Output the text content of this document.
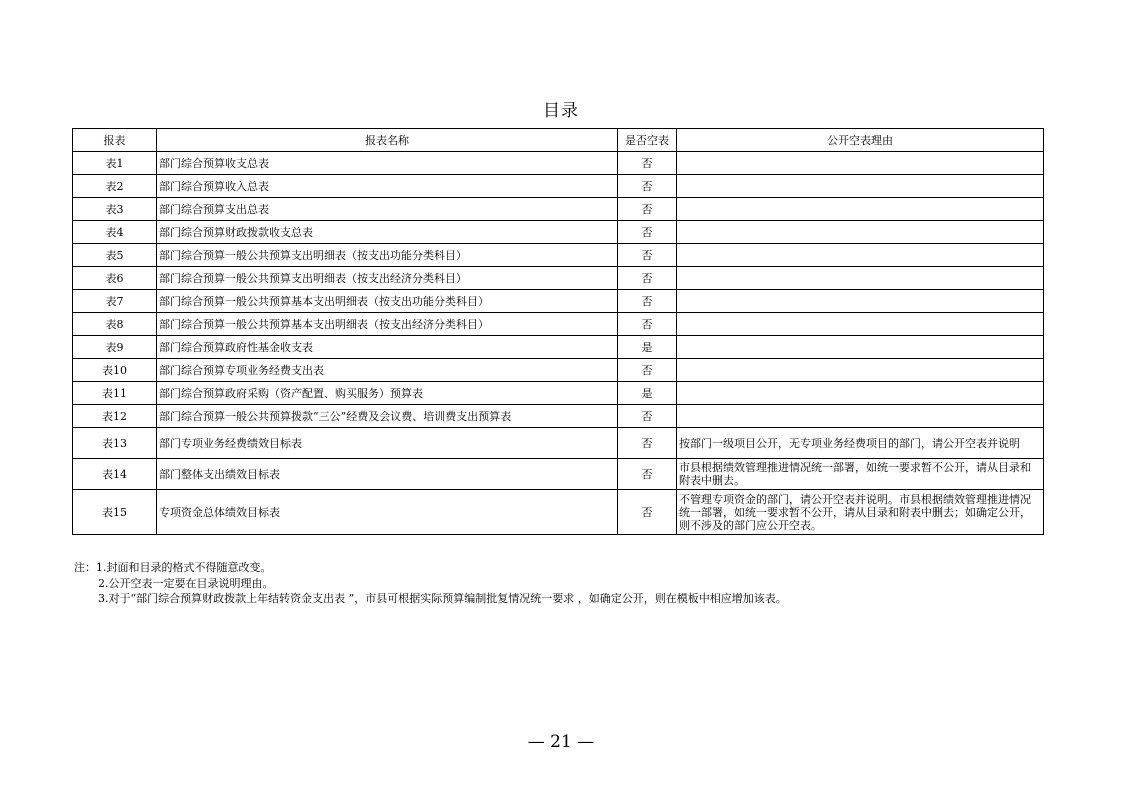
目录
报表	报表名称	是否空表	公开空表理由
表1	部门综合预算收支总表	否	
表2	部门综合预算收入总表	否	
表3	部门综合预算支出总表	否	
表4	部门综合预算财政拨款收支总表	否	
表5	部门综合预算一般公共预算支出明细表（按支出功能分类科目）	否	
表6	部门综合预算一般公共预算支出明细表（按支出经济分类科目）	否	
表7	部门综合预算一般公共预算基本支出明细表（按支出功能分类科目）	否	
表8	部门综合预算一般公共预算基本支出明细表（按支出经济分类科目）	否	
表9	部门综合预算政府性基金收支表	是	
表10	部门综合预算专项业务经费支出表	否	
表11	部门综合预算政府采购（资产配置、购买服务）预算表	是	
表12	部门综合预算一般公共预算拨款“三公”经费及会议费、培训费支出预算表	否	
表13	部门专项业务经费绩效目标表	否	按部门一级项目公开，无专项业务经费项目的部门，请公开空表并说明
表14	部门整体支出绩效目标表	否	市县根据绩效管理推进情况统一部署，如统一要求暂不公开，请从目录和附表中删去。
表15	专项资金总体绩效目标表	否	不管理专项资金的部门，请公开空表并说明。市县根据绩效管理推进情况统一部署，如统一要求暂不公开，请从目录和附表中删去；如确定公开，则不涉及的部门应公开空表。
注：1.封面和目录的格式不得随意改变。
2.公开空表一定要在目录说明理由。
3.对于“部门综合预算财政拨款上年结转资金支出表 ”，市县可根据实际预算编制批复情况统一要求 ，如确定公开，则在模板中相应增加该表。
— 21 —
